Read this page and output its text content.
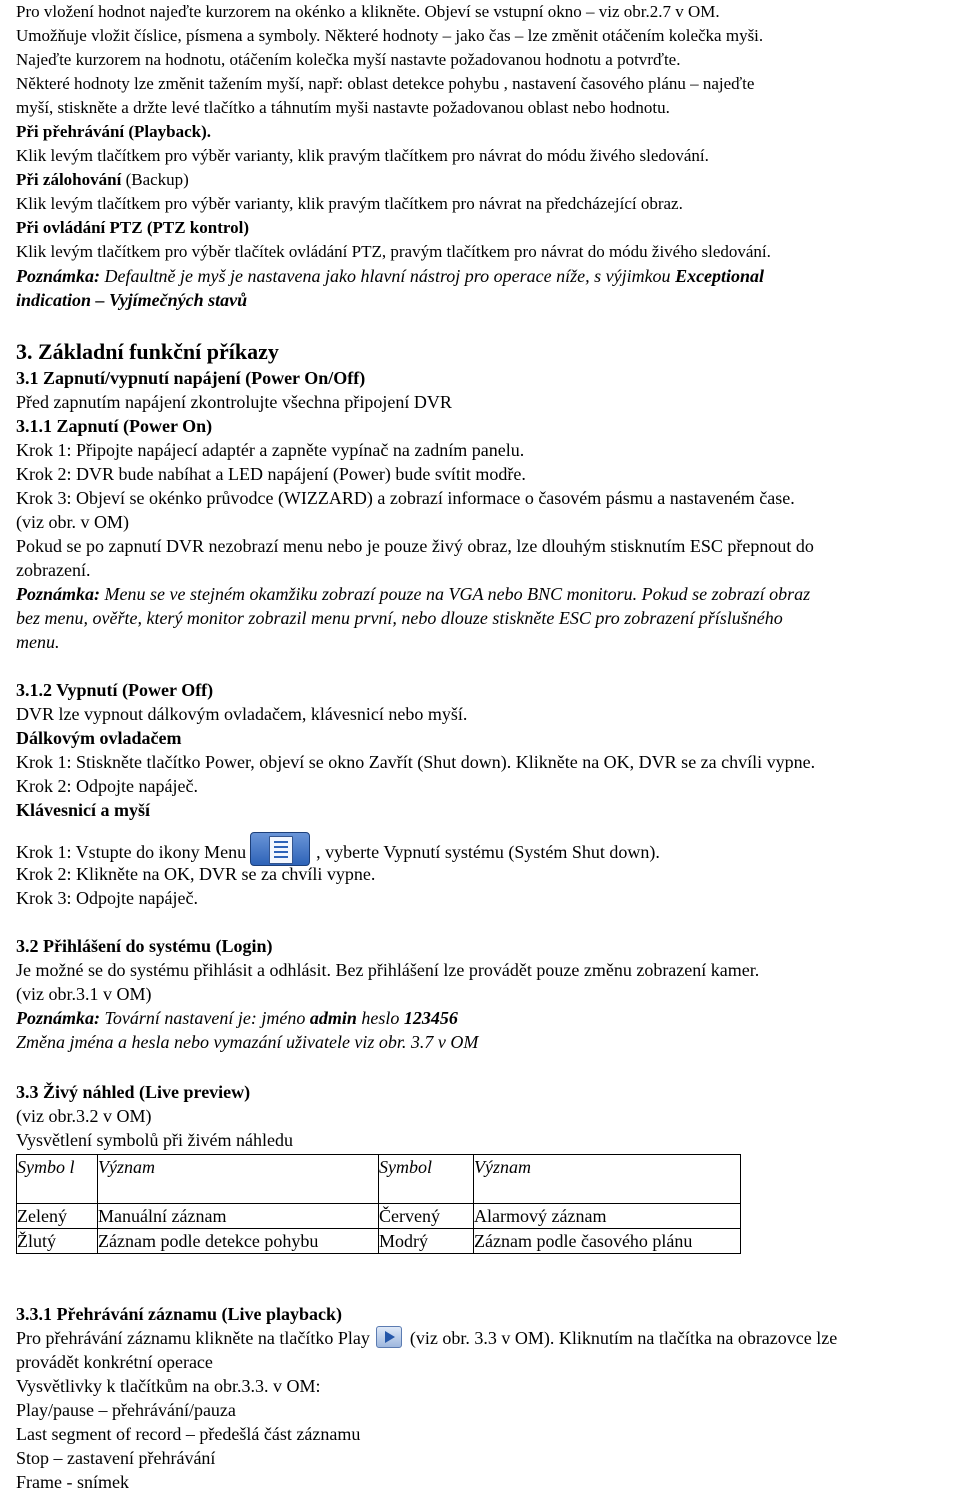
Pro vložení hodnot najeďte kurzorem na okénko a klikněte. Objeví se vstupní okno – viz obr.2.7 v OM.
Umožňuje vložit číslice, písmena a symboly. Některé hodnoty – jako čas – lze změnit otáčením kolečka myši.
Najeďte kurzorem na hodnotu, otáčením kolečka myší nastavte požadovanou hodnotu a potvrďte.
Některé hodnoty lze změnit tažením myší, např: oblast detekce pohybu , nastavení časového plánu – najeďte
myší, stiskněte a držte levé tlačítko a táhnutím myši nastavte požadovanou oblast nebo hodnotu.
Při přehrávání (Playback).
Klik levým tlačítkem pro výběr varianty, klik pravým tlačítkem pro návrat do módu živého sledování.
Při zálohování (Backup)
Klik levým tlačítkem pro výběr varianty, klik pravým tlačítkem pro návrat na předcházející obraz.
Při ovládání PTZ (PTZ kontrol)
Klik levým tlačítkem pro výběr tlačítek ovládání PTZ, pravým tlačítkem pro návrat do módu živého sledování.
Poznámka: Defaultně je myš je nastavena jako hlavní nástroj pro operace níže, s výjimkou Exceptional
indication – Vyjímečných stavů
3. Základní funkční příkazy
3.1 Zapnutí/vypnutí napájení (Power On/Off)
Před zapnutím napájení zkontrolujte všechna připojení DVR
3.1.1 Zapnutí (Power On)
Krok 1: Připojte napájecí adaptér a zapněte vypínač na zadním panelu.
Krok 2: DVR bude nabíhat a LED napájení (Power) bude svítit modře.
Krok 3: Objeví se okénko průvodce (WIZZARD) a zobrazí informace o časovém pásmu a nastaveném čase.
(viz obr. v OM)
Pokud se po zapnutí DVR nezobrazí menu nebo je pouze živý obraz, lze dlouhým stisknutím ESC přepnout do
zobrazení.
Poznámka: Menu se ve stejném okamžiku zobrazí pouze na VGA nebo BNC monitoru. Pokud se zobrazí obraz
bez menu, ověřte, který monitor zobrazil menu první, nebo dlouze stiskněte ESC pro zobrazení příslušného
menu.
3.1.2 Vypnutí (Power Off)
DVR lze vypnout dálkovým ovladačem, klávesnicí nebo myší.
Dálkovým ovladačem
Krok 1: Stiskněte tlačítko Power, objeví se okno Zavřít (Shut down). Klikněte na OK, DVR se za chvíli vypne.
Krok 2: Odpojte napáječ.
Klávesnicí a myší
Krok 1: Vstupte do ikony Menu	, vyberte Vypnutí systému (Systém Shut down).
Krok 2: Klikněte na OK, DVR se za chvíli vypne.
Krok 3: Odpojte napáječ.
3.2 Přihlášení do systému (Login)
Je možné se do systému přihlásit a odhlásit. Bez přihlášení lze provádět pouze změnu zobrazení kamer.
(viz obr.3.1 v OM)
Poznámka: Tovární nastavení je: jméno admin heslo 123456
Změna jména a hesla nebo vymazání uživatele viz obr. 3.7 v OM
3.3 Živý náhled (Live preview)
(viz obr.3.2 v OM)
Vysvětlení symbolů při živém náhledu
Symbo l	Význam	Symbol	Význam
Zelený	Manuální záznam	Červený	Alarmový záznam
Žlutý	Záznam podle detekce pohybu	Modrý	Záznam podle časového plánu
3.3.1 Přehrávání záznamu (Live playback)
Pro přehrávání záznamu klikněte na tlačítko Play (viz obr. 3.3 v OM). Kliknutím na tlačítka na obrazovce lze
provádět konkrétní operace
Vysvětlivky k tlačítkům na obr.3.3. v OM:
Play/pause – přehrávání/pauza
Last segment of record – předešlá část záznamu
Stop – zastavení přehrávání
Frame - snímek
